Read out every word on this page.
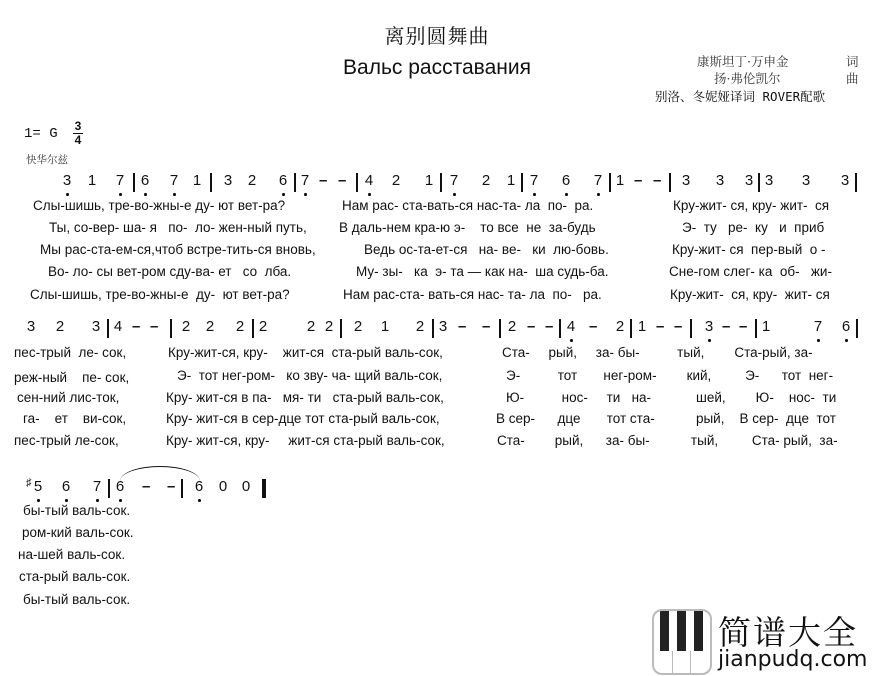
离别圆舞曲
Вальс расставания	康斯坦丁·万申金	词
扬·弗伦凯尔	曲
别洛、冬妮娅译词 ROVER配歌
1= G 3
4
快华尔兹
3 1 7 6 7 1 3 2 6 7 – – 4 2 1 7 2 1 7 6 7 1 – – 3 3 3 3 3 3
Слы-шишь, тре-во-жны-е ду- ют вет-ра?	Нам рас- ста-вать-ся нас-та- ла  по-  ра.	Кру-жит- ся, кру- жит-  ся
Ты, со-вер- ша- я   по-  ло- жен-ный путь, В даль-нем кра-ю э-    то все  не  за-будь	Э-  ту   ре-  ку   и  приб
Мы рас-ста-ем-ся,чтоб встре-тить-ся вновь,	Ведь ос-та-ет-ся   на- ве-   ки  лю-бовь.	Кру-жит- ся  пер-вый  о -
Во- ло- сы вет-ром сду-ва- ет   со  лба.	Му- зы-   ка  э- та — как на-  ша судь-ба.	Сне-гом слег- ка  об-   жи-
Слы-шишь, тре-во-жны-е  ду-  ют вет-ра?	Нам рас-ста- вать-ся нас- та- ла  по-   ра.	Кру-жит-  ся, кру-  жит- ся
3 2 3 4 – – 2 2 2 2	2 2 2 1 2 3 – – 2 – – 4 – 2 1 – – 3 – – 1	7 6
пес-трый  ле- сок,	Кру-жит-ся, кру-    жит-ся  ста-рый валь-сок,	Ста-     рый,     за- бы-          тый,        Ста-рый, за-
реж-ный    пе- сок,	Э-  тот нег-ром-   ко зву- ча- щий валь-сок,	Э-          тот       нег-ром-        кий,         Э-      тот  нег-
сен-ний лис-ток,	Кру- жит-ся в па-   мя- ти   ста-рый валь-сок,	Ю-          нос-     ти   на-            шей,        Ю-    нос-  ти
га-    ет    ви-сок,	Кру- жит-ся в сер-дце тот ста-рый валь-сок,	В сер-      дце       тот ста-           рый,    В сер-  дце  тот
пес-трый ле-сок,	Кру- жит-ся, кру-     жит-ся ста-рый валь-сок,	Ста-        рый,      за- бы-           тый,         Ста- рый,  за-
♯ 5 6 7 6 – – 6 0 0
бы-тый валь-сок.
ром-кий валь-сок.
на-шей валь-сок.
ста-рый валь-сок.
бы-тый валь-сок.
简谱大全
jianpudq.com
